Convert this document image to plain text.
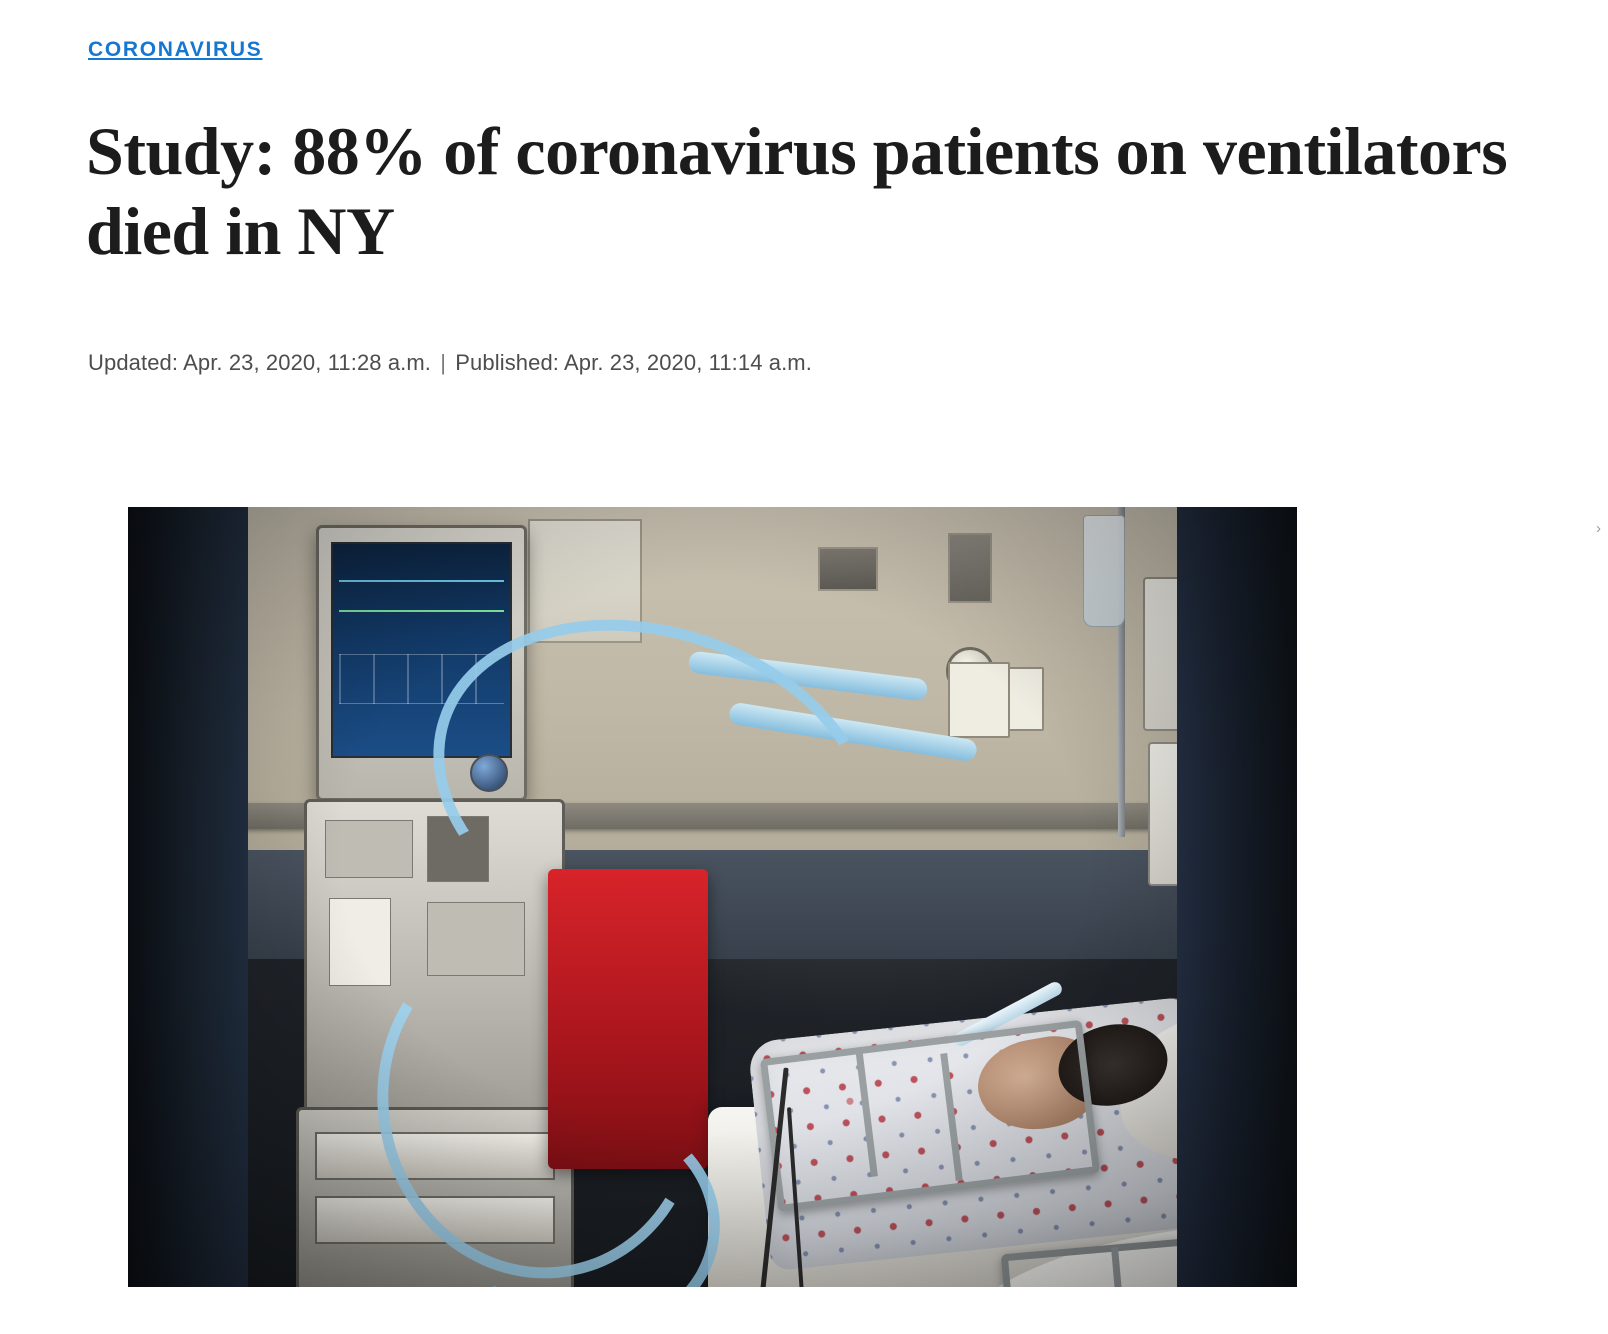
CORONAVIRUS
Study: 88% of coronavirus patients on ventilators died in NY
Updated: Apr. 23, 2020, 11:28 a.m. | Published: Apr. 23, 2020, 11:14 a.m.
›
